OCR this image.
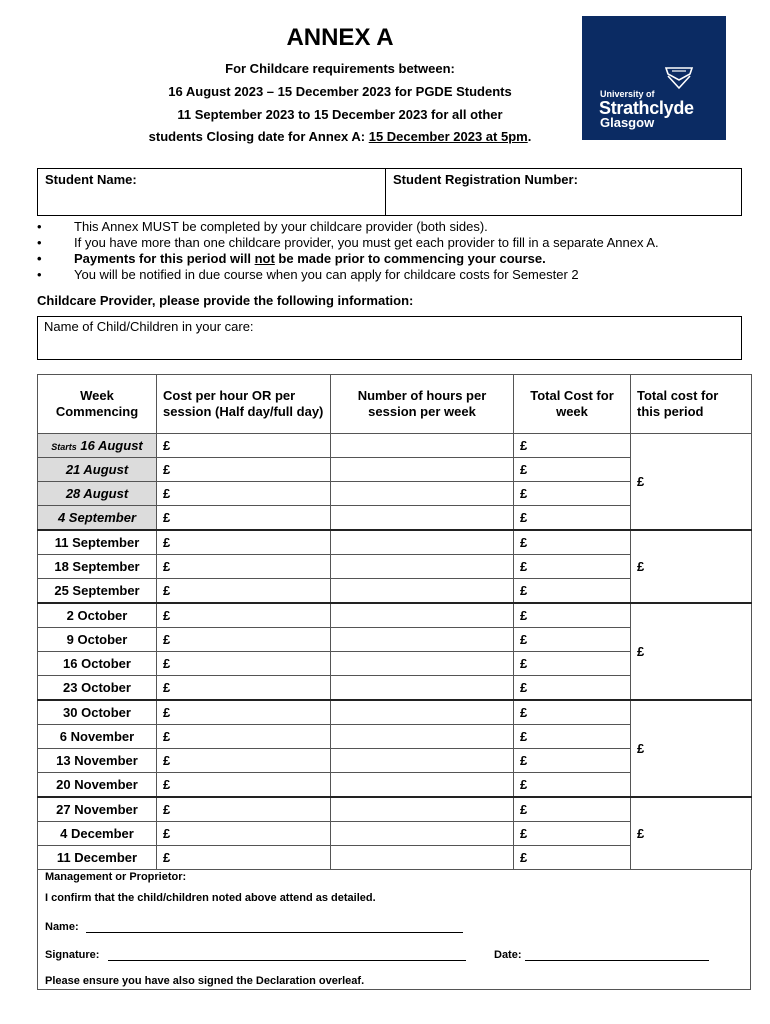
ANNEX A
For Childcare requirements between:
16 August 2023 – 15 December 2023 for PGDE Students
11 September 2023 to 15 December 2023 for all other
students Closing date for Annex A: 15 December 2023 at 5pm.
University of
Strathclyde
Glasgow
Student Name:	Student Registration Number:
• This Annex MUST be completed by your childcare provider (both sides).
• If you have more than one childcare provider, you must get each provider to fill in a separate Annex A.
• Payments for this period will not be made prior to commencing your course.
• You will be notified in due course when you can apply for childcare costs for Semester 2
Childcare Provider, please provide the following information:
Name of Child/Children in your care:
Week Commencing	Cost per hour OR per session (Half day/full day)	Number of hours per session per week	Total Cost for week	Total cost for this period
Starts 16 August	£		£	£
21 August	£		£	
28 August	£		£	
4 September	£		£	
11 September	£		£	£
18 September	£		£	
25 September	£		£	
2 October	£		£	£
9 October	£		£	
16 October	£		£	
23 October	£		£	
30 October	£		£	£
6 November	£		£	
13 November	£		£	
20 November	£		£	
27 November	£		£	£
4 December	£		£	
11 December	£		£	
Management or Proprietor:
I confirm that the child/children noted above attend as detailed.
Name:
Signature:	Date:
Please ensure you have also signed the Declaration overleaf.
